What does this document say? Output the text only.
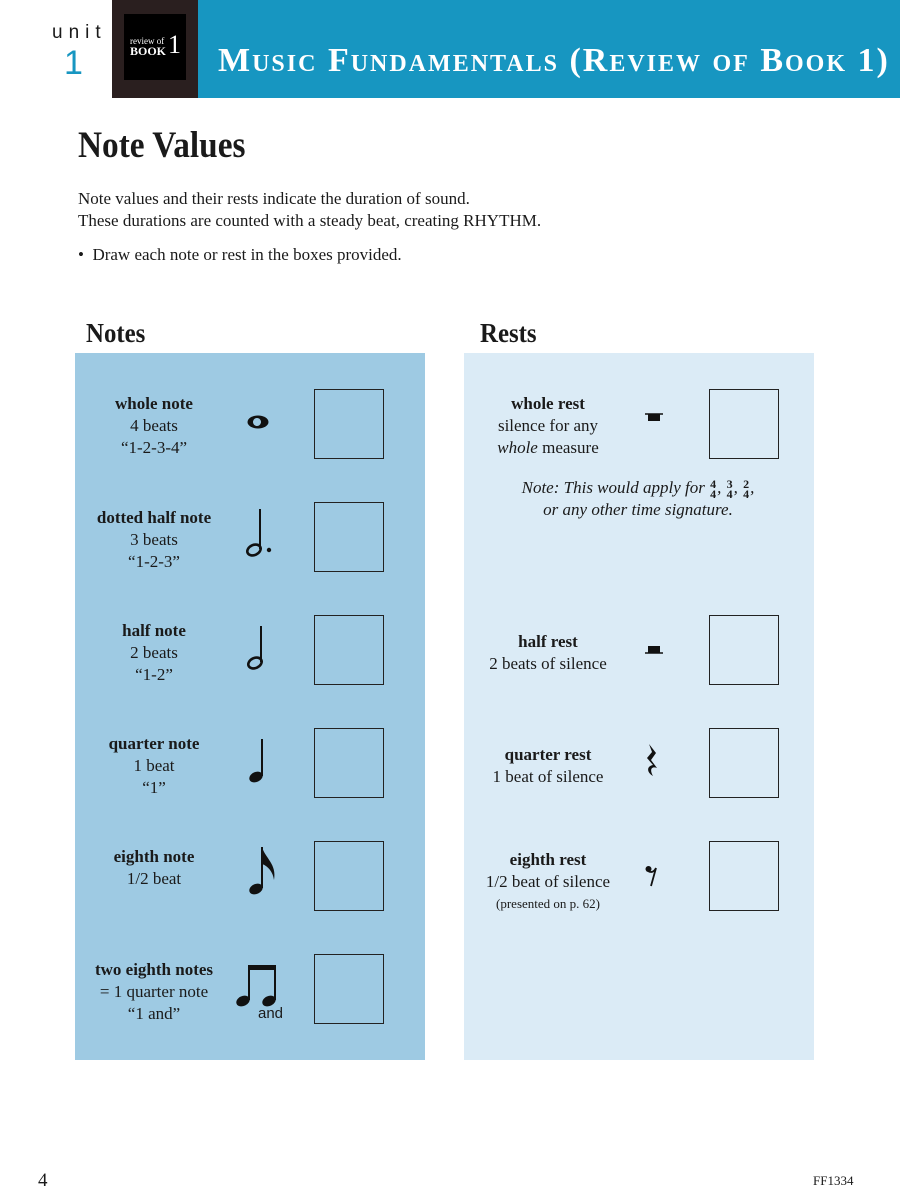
unit
1
review of
BOOK 1 Music Fundamentals (Review of Book 1)
Note Values
Note values and their rests indicate the duration of sound.
These durations are counted with a steady beat, creating RHYTHM.
•  Draw each note or rest in the boxes provided.
Notes	Rests
whole note
4 beats
“1-2-3-4”
dotted half note
3 beats
“1-2-3”
half note
2 beats
“1-2”
quarter note
1 beat
“1”
eighth note
1/2 beat
two eighth notes
= 1 quarter note
“1 and”	and
whole rest
silence for any
whole measure
Note: This would apply for 4
4, 3
4, 2
4,
or any other time signature.
half rest
2 beats of silence
quarter rest
1 beat of silence
eighth rest
1/2 beat of silence
(presented on p. 62)
4	FF1334
